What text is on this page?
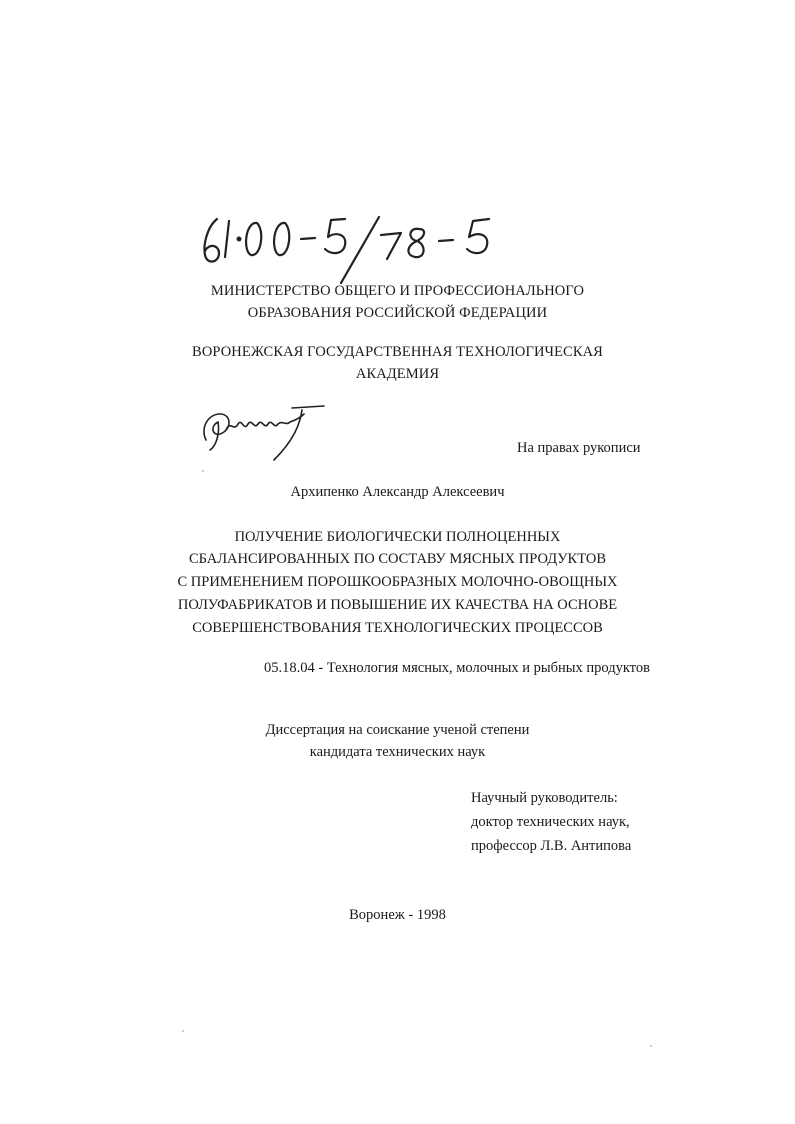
МИНИСТЕРСТВО ОБЩЕГО И ПРОФЕССИОНАЛЬНОГО
ОБРАЗОВАНИЯ РОССИЙСКОЙ ФЕДЕРАЦИИ
ВОРОНЕЖСКАЯ ГОСУДАРСТВЕННАЯ ТЕХНОЛОГИЧЕСКАЯ
АКАДЕМИЯ
На правах рукописи
Архипенко Александр Алексеевич
ПОЛУЧЕНИЕ БИОЛОГИЧЕСКИ ПОЛНОЦЕННЫХ
СБАЛАНСИРОВАННЫХ ПО СОСТАВУ МЯСНЫХ ПРОДУКТОВ
С ПРИМЕНЕНИЕМ ПОРОШКООБРАЗНЫХ МОЛОЧНО-ОВОЩНЫХ
ПОЛУФАБРИКАТОВ И ПОВЫШЕНИЕ ИХ КАЧЕСТВА НА ОСНОВЕ
СОВЕРШЕНСТВОВАНИЯ ТЕХНОЛОГИЧЕСКИХ ПРОЦЕССОВ
05.18.04 - Технология мясных, молочных и рыбных продуктов
Диссертация на соискание ученой степени
кандидата технических наук
Научный руководитель:
доктор технических наук,
профессор Л.В. Антипова
Воронеж - 1998
